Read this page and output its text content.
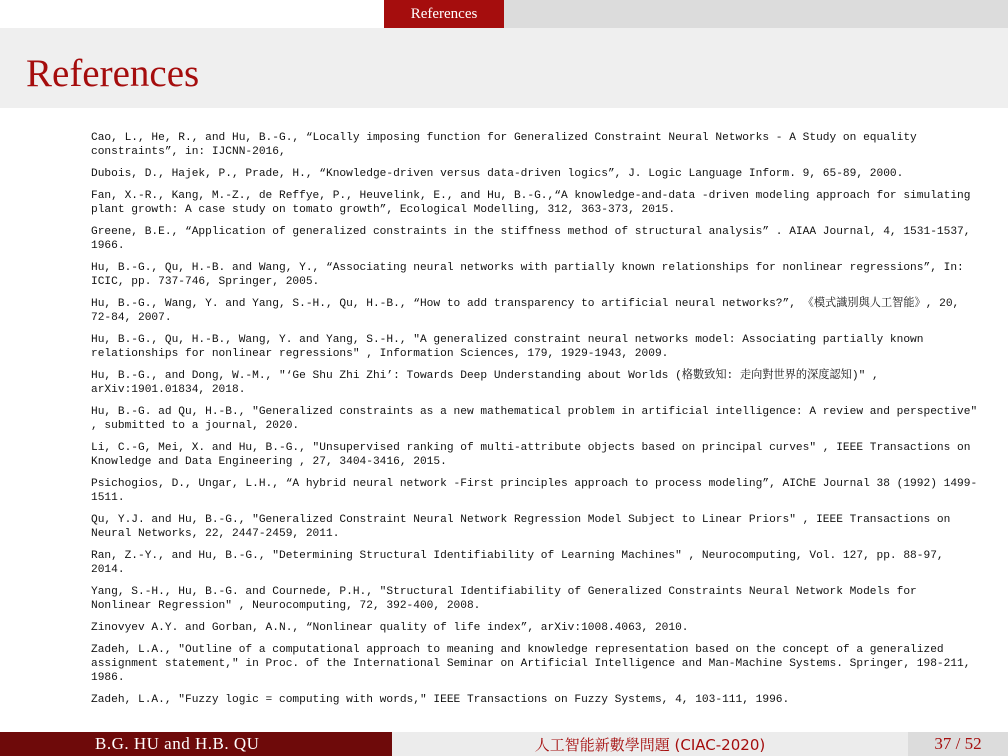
References
References

Cao, L., He, R., and Hu, B.-G., “Locally imposing function for Generalized Constraint Neural Networks - A Study on equality constraints”, in: IJCNN-2016,

Dubois, D., Hajek, P., Prade, H., “Knowledge-driven versus data-driven logics”, J. Logic Language Inform. 9, 65-89, 2000.

Fan, X.-R., Kang, M.-Z., de Reffye, P., Heuvelink, E., and Hu, B.-G.,“A knowledge-and-data -driven modeling approach for simulating plant growth: A case study on tomato growth”, Ecological Modelling, 312, 363-373, 2015.

Greene, B.E., “Application of generalized constraints in the stiffness method of structural analysis” . AIAA Journal, 4, 1531-1537, 1966.

Hu, B.-G., Qu, H.-B. and Wang, Y., “Associating neural networks with partially known relationships for nonlinear regressions”, In: ICIC, pp. 737-746, Springer, 2005.

Hu, B.-G., Wang, Y. and Yang, S.-H., Qu, H.-B., “How to add transparency to artificial neural networks?”, 《模式識別與人工智能》, 20, 72-84, 2007.

Hu, B.-G., Qu, H.-B., Wang, Y. and Yang, S.-H., "A generalized constraint neural networks model: Associating partially known relationships for nonlinear regressions" , Information Sciences, 179, 1929-1943, 2009.

Hu, B.-G., and Dong, W.-M., "‘Ge Shu Zhi Zhi’: Towards Deep Understanding about Worlds (格數致知: 走向對世界的深度認知)" , arXiv:1901.01834, 2018.

Hu, B.-G. ad Qu, H.-B., "Generalized constraints as a new mathematical problem in artificial intelligence: A review and perspective" , submitted to a journal, 2020.

Li, C.-G, Mei, X. and Hu, B.-G., "Unsupervised ranking of multi-attribute objects based on principal curves" , IEEE Transactions on Knowledge and Data Engineering , 27, 3404-3416, 2015.

Psichogios, D., Ungar, L.H., “A hybrid neural network -First principles approach to process modeling”, AIChE Journal 38 (1992) 1499-1511.

Qu, Y.J. and Hu, B.-G., "Generalized Constraint Neural Network Regression Model Subject to Linear Priors" , IEEE Transactions on Neural Networks, 22, 2447-2459, 2011.

Ran, Z.-Y., and Hu, B.-G., "Determining Structural Identifiability of Learning Machines" , Neurocomputing, Vol. 127, pp. 88-97, 2014.

Yang, S.-H., Hu, B.-G. and Cournede, P.H., "Structural Identifiability of Generalized Constraints Neural Network Models for Nonlinear Regression" , Neurocomputing, 72, 392-400, 2008.

Zinovyev A.Y. and Gorban, A.N., “Nonlinear quality of life index”, arXiv:1008.4063, 2010.

Zadeh, L.A., "Outline of a computational approach to meaning and knowledge representation based on the concept of a generalized assignment statement," in Proc. of the International Seminar on Artificial Intelligence and Man-Machine Systems. Springer, 198-211, 1986.

Zadeh, L.A., "Fuzzy logic = computing with words," IEEE Transactions on Fuzzy Systems, 4, 103-111, 1996.

B.G. HU and H.B. QU	人工智能新數學問題 (CIAC-2020)	37 / 52
